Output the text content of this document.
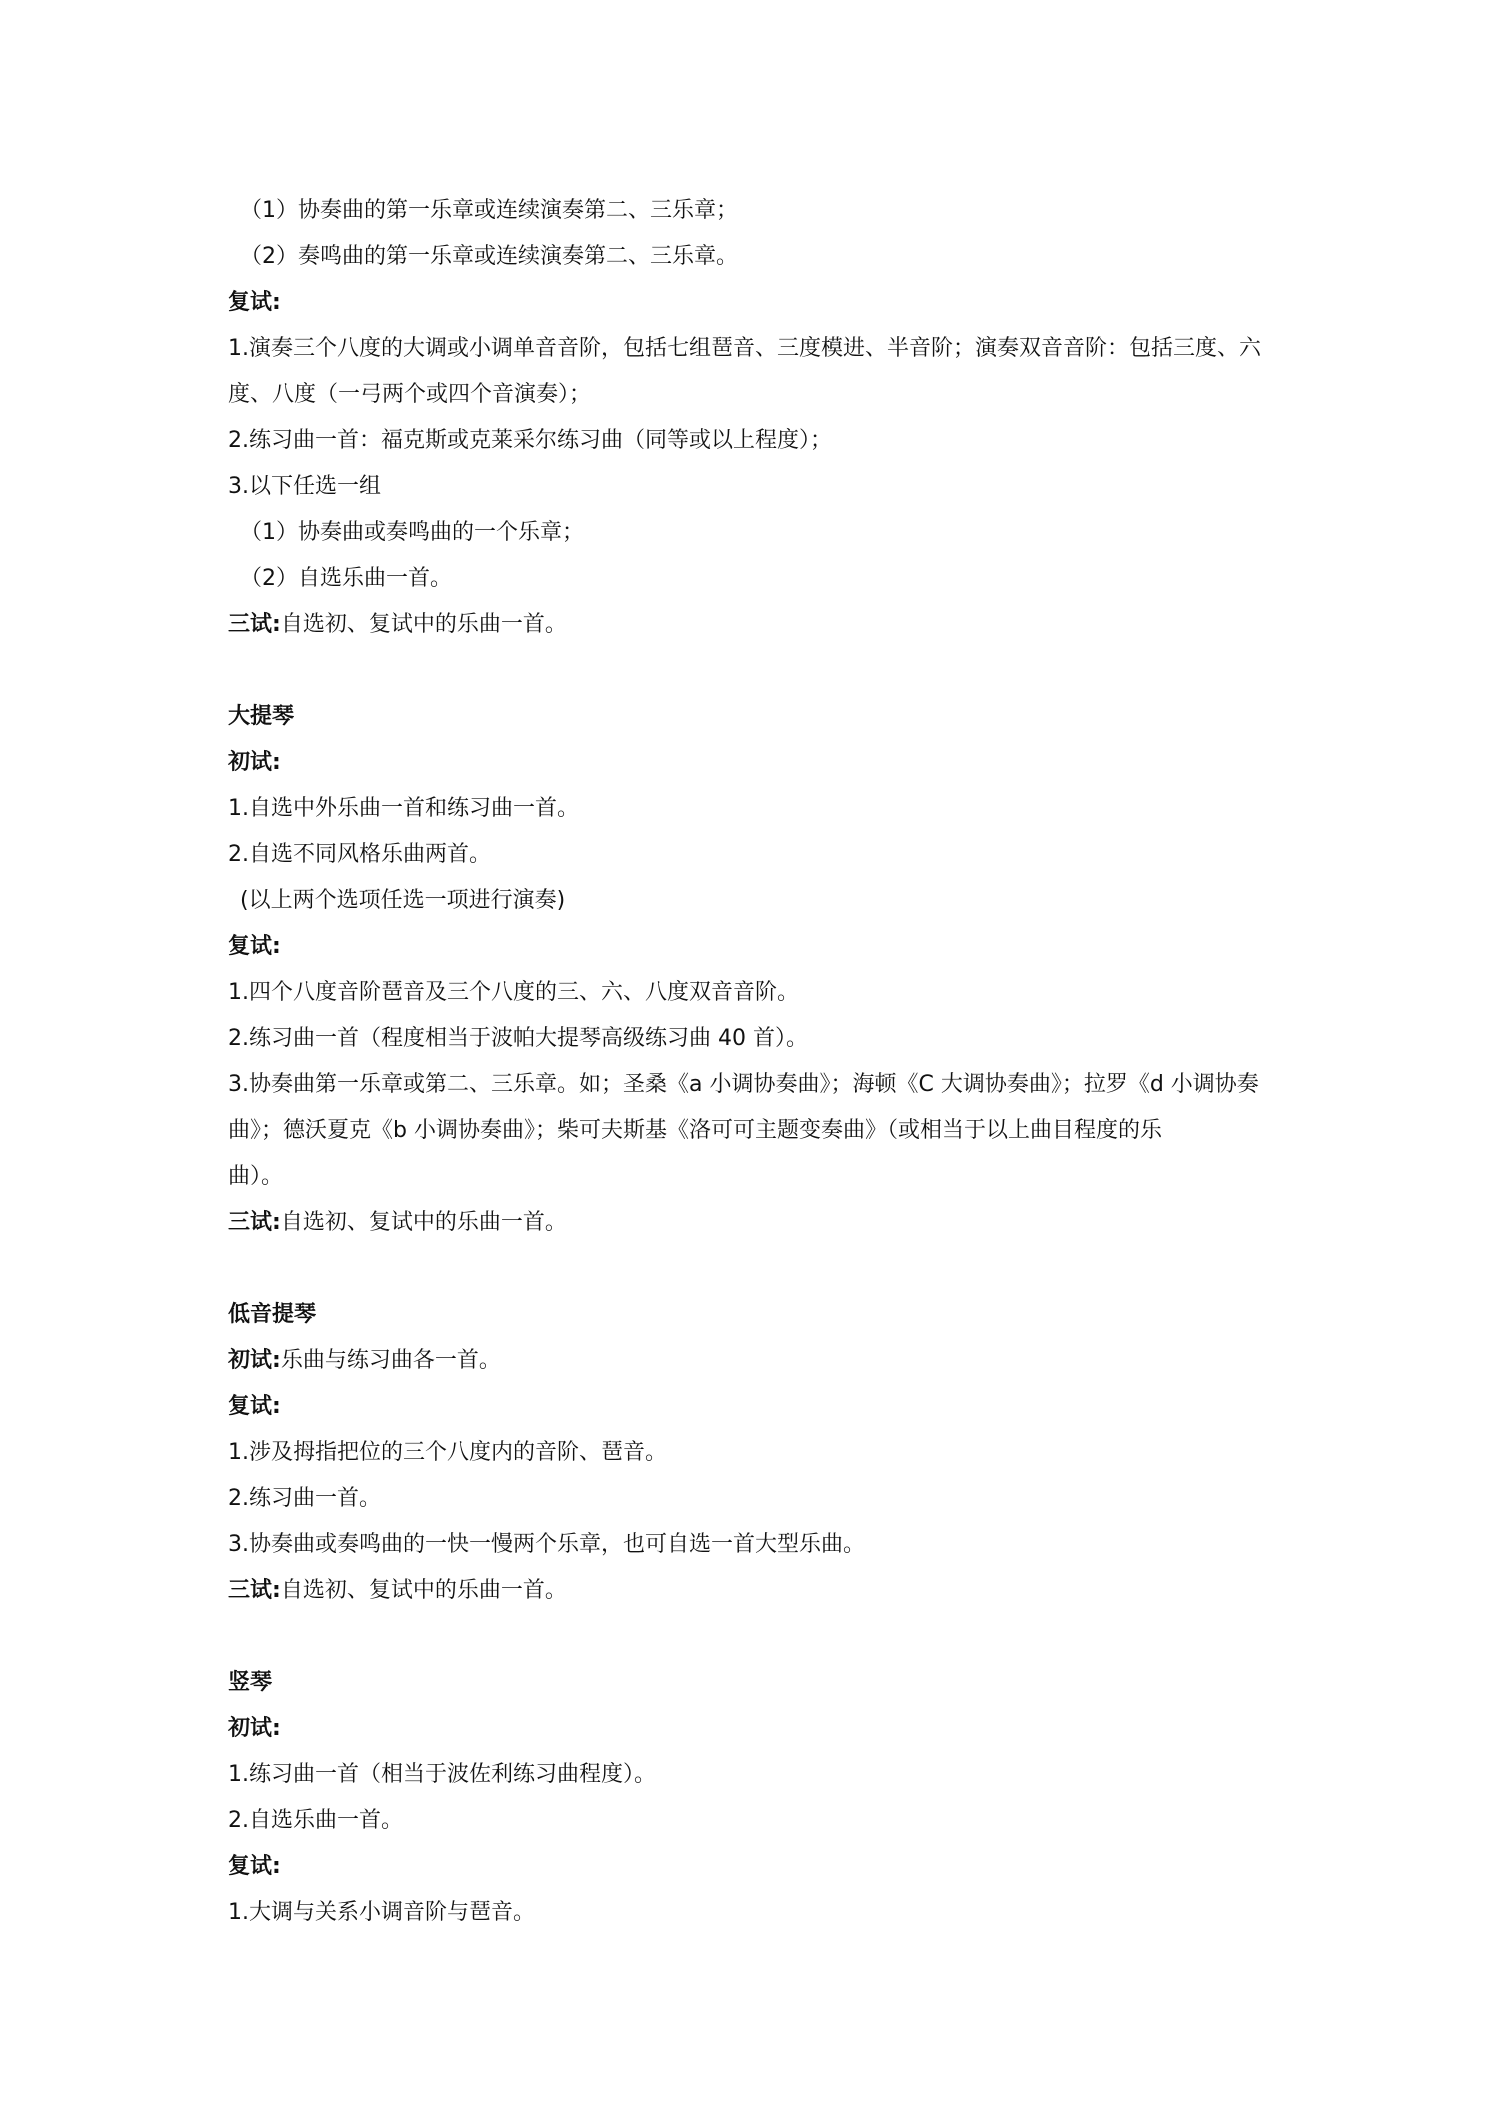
（1）协奏曲的第一乐章或连续演奏第二、三乐章；
（2）奏鸣曲的第一乐章或连续演奏第二、三乐章。
复试:
1.演奏三个八度的大调或小调单音音阶，包括七组琶音、三度模进、半音阶；演奏双音音阶：包括三度、六
度、八度（一弓两个或四个音演奏）；
2.练习曲一首：福克斯或克莱采尔练习曲（同等或以上程度）；
3.以下任选一组
（1）协奏曲或奏鸣曲的一个乐章；
（2）自选乐曲一首。
三试:自选初、复试中的乐曲一首。
大提琴
初试:
1.自选中外乐曲一首和练习曲一首。
2.自选不同风格乐曲两首。
(以上两个选项任选一项进行演奏)
复试:
1.四个八度音阶琶音及三个八度的三、六、八度双音音阶。
2.练习曲一首（程度相当于波帕大提琴高级练习曲 40 首）。
3.协奏曲第一乐章或第二、三乐章。如；圣桑《a 小调协奏曲》；海顿《C 大调协奏曲》；拉罗《d 小调协奏
曲》；德沃夏克《b 小调协奏曲》；柴可夫斯基《洛可可主题变奏曲》（或相当于以上曲目程度的乐
曲）。
三试:自选初、复试中的乐曲一首。
低音提琴
初试:乐曲与练习曲各一首。
复试:
1.涉及拇指把位的三个八度内的音阶、琶音。
2.练习曲一首。
3.协奏曲或奏鸣曲的一快一慢两个乐章，也可自选一首大型乐曲。
三试:自选初、复试中的乐曲一首。
竖琴
初试:
1.练习曲一首（相当于波佐利练习曲程度）。
2.自选乐曲一首。
复试:
1.大调与关系小调音阶与琶音。
